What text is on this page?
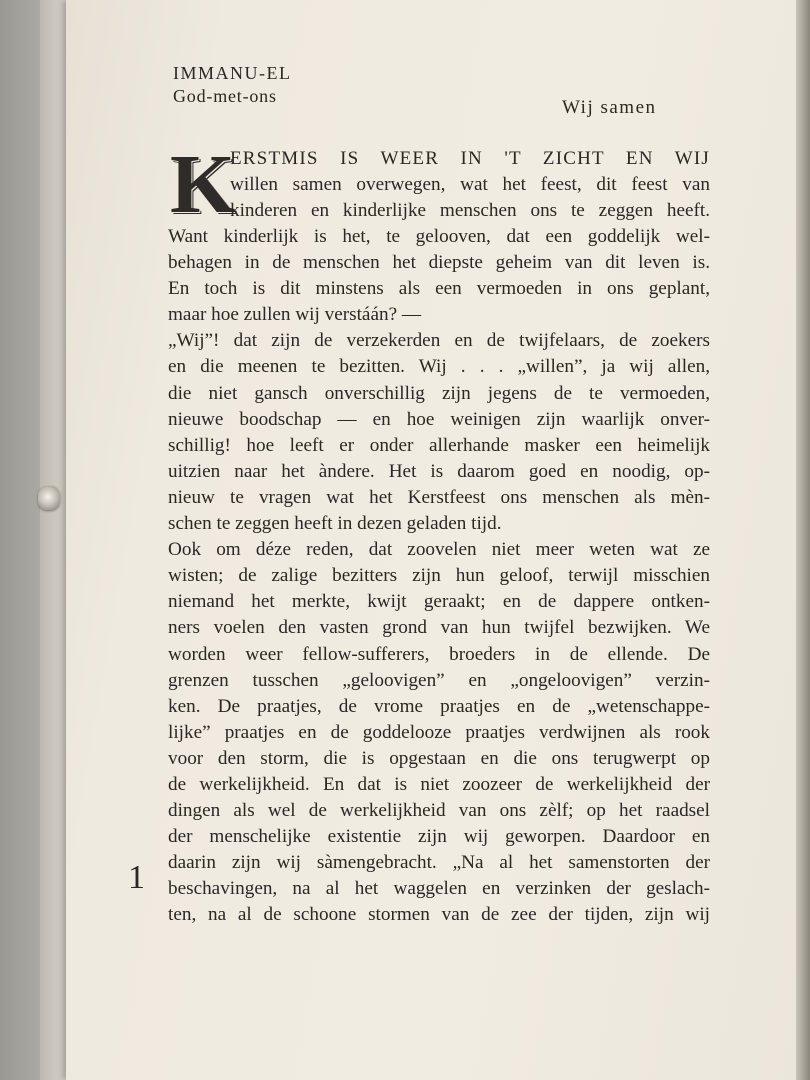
IMMANU-EL
God-met-ons
Wij samen
K
ERSTMIS IS WEER IN 'T ZICHT EN WIJ
willen samen overwegen, wat het feest, dit feest van
kinderen en kinderlijke menschen ons te zeggen heeft.
Want kinderlijk is het, te gelooven, dat een goddelijk wel-
behagen in de menschen het diepste geheim van dit leven is.
En toch is dit minstens als een vermoeden in ons geplant,
maar hoe zullen wij verstáán? —
„Wij”! dat zijn de verzekerden en de twijfelaars, de zoekers
en die meenen te bezitten. Wij . . . „willen”, ja wij allen,
die niet gansch onverschillig zijn jegens de te vermoeden,
nieuwe boodschap — en hoe weinigen zijn waarlijk onver-
schillig! hoe leeft er onder allerhande masker een heimelijk
uitzien naar het àndere. Het is daarom goed en noodig, op-
nieuw te vragen wat het Kerstfeest ons menschen als mèn-
schen te zeggen heeft in dezen geladen tijd.
Ook om déze reden, dat zoovelen niet meer weten wat ze
wisten; de zalige bezitters zijn hun geloof, terwijl misschien
niemand het merkte, kwijt geraakt; en de dappere ontken-
ners voelen den vasten grond van hun twijfel bezwijken. We
worden weer fellow-sufferers, broeders in de ellende. De
grenzen tusschen „geloovigen” en „ongeloovigen” verzin-
ken. De praatjes, de vrome praatjes en de „wetenschappe-
lijke” praatjes en de goddelooze praatjes verdwijnen als rook
voor den storm, die is opgestaan en die ons terugwerpt op
de werkelijkheid. En dat is niet zoozeer de werkelijkheid der
dingen als wel de werkelijkheid van ons zèlf; op het raadsel
der menschelijke existentie zijn wij geworpen. Daardoor en
daarin zijn wij sàmengebracht. „Na al het samenstorten der
beschavingen, na al het waggelen en verzinken der geslach-
ten, na al de schoone stormen van de zee der tijden, zijn wij
1
